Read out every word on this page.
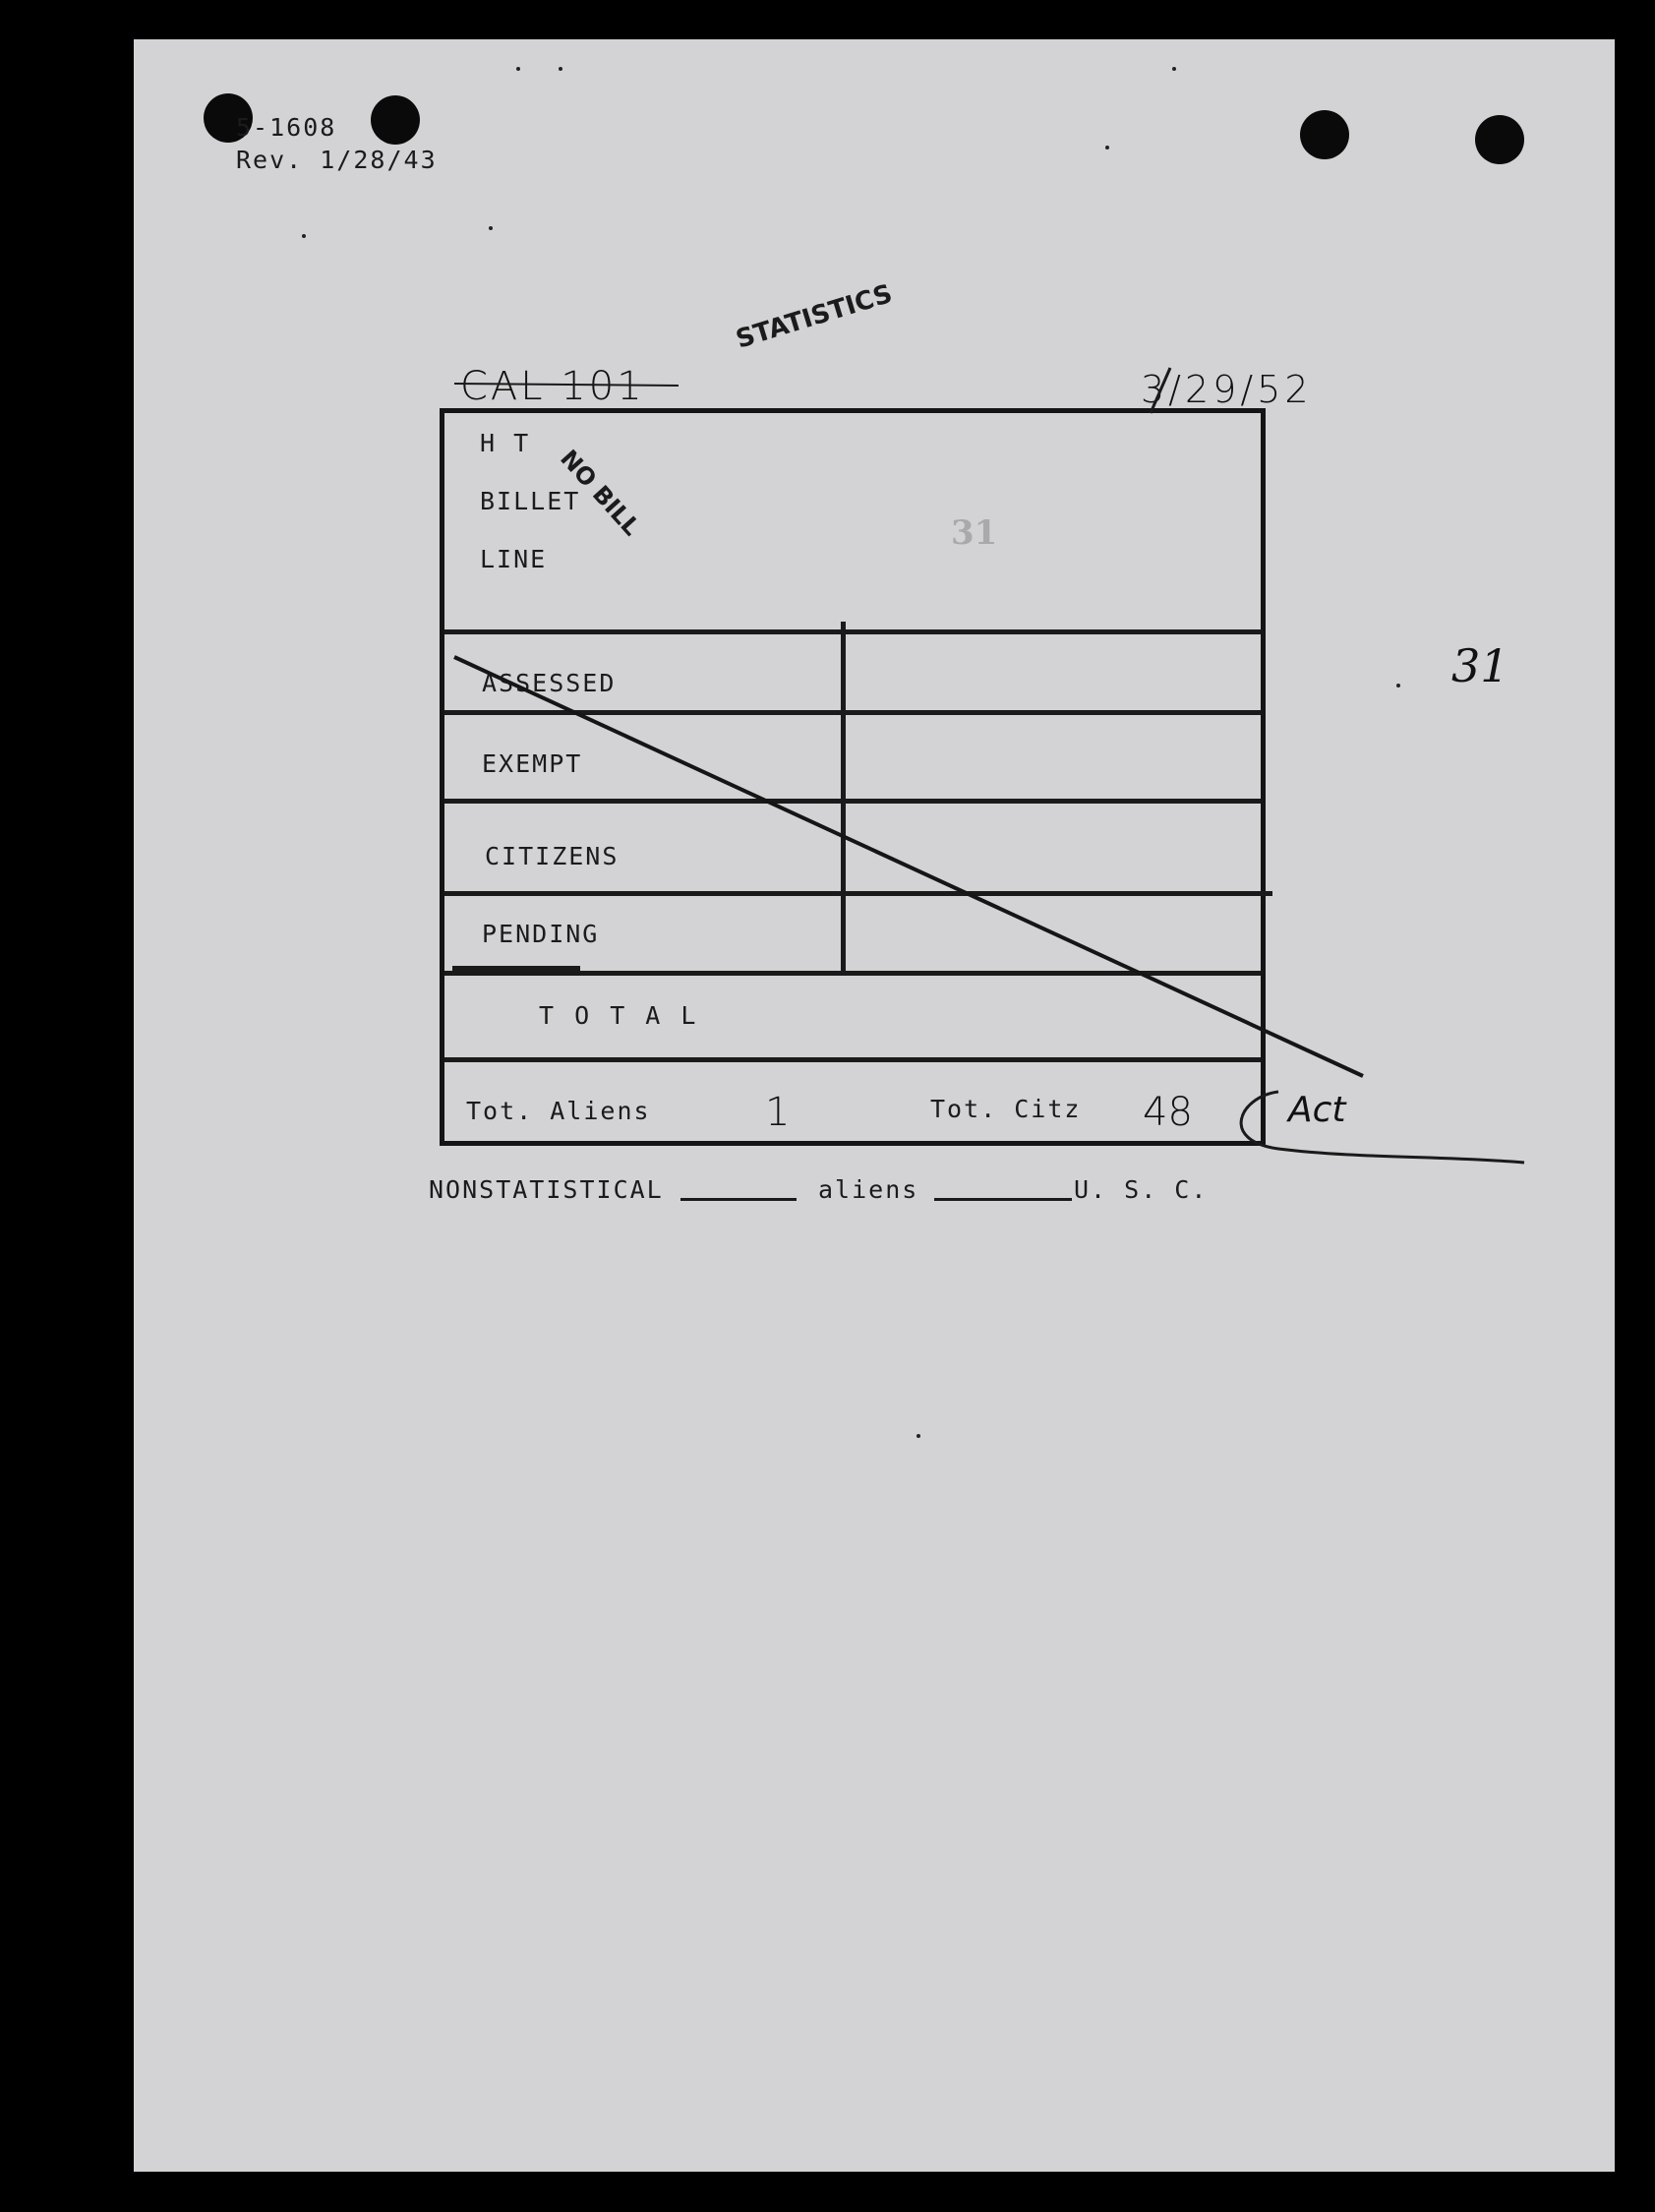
5-1608
Rev. 1/28/43
CAL 101	3/29/52
STATISTICS
NO BILL	31
31
H T
BILLET
LINE
ASSESSED
EXEMPT
CITIZENS
PENDING
T O T A L
Tot. Aliens	1	Tot. Citz 48	Act
NONSTATISTICAL	aliens	U. S. C.
